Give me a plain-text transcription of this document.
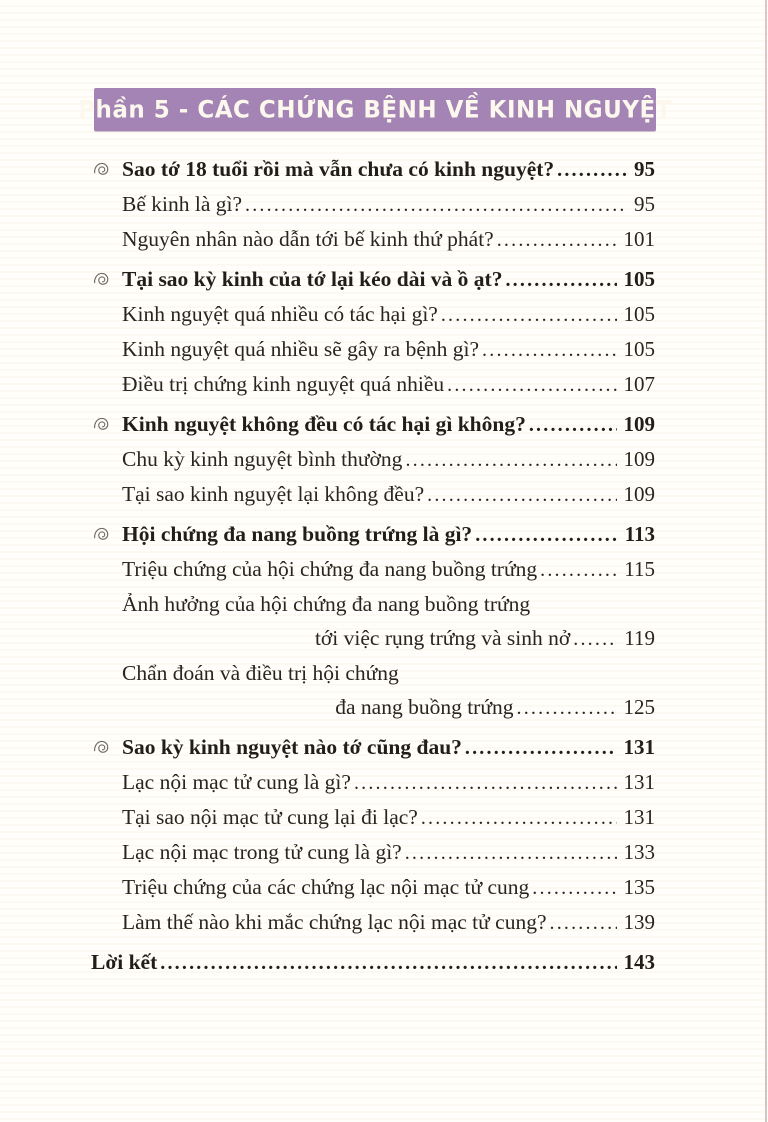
Phần 5 - CÁC CHỨNG BỆNH VỀ KINH NGUYỆT
Sao tớ 18 tuổi rồi mà vẫn chưa có kinh nguyệt? .....	95
Bế kinh là gì? .....	95
Nguyên nhân nào dẫn tới bế kinh thứ phát? .....	101
Tại sao kỳ kinh của tớ lại kéo dài và ồ ạt? .....	105
Kinh nguyệt quá nhiều có tác hại gì? .....	105
Kinh nguyệt quá nhiều sẽ gây ra bệnh gì? .....	105
Điều trị chứng kinh nguyệt quá nhiều .....	107
Kinh nguyệt không đều có tác hại gì không? .....	109
Chu kỳ kinh nguyệt bình thường .....	109
Tại sao kinh nguyệt lại không đều? .....	109
Hội chứng đa nang buồng trứng là gì? .....	113
Triệu chứng của hội chứng đa nang buồng trứng .....	115
Ảnh hưởng của hội chứng đa nang buồng trứng
tới việc rụng trứng và sinh nở .....	119
Chẩn đoán và điều trị hội chứng
đa nang buồng trứng .....	125
Sao kỳ kinh nguyệt nào tớ cũng đau? .....	131
Lạc nội mạc tử cung là gì? .....	131
Tại sao nội mạc tử cung lại đi lạc? .....	131
Lạc nội mạc trong tử cung là gì? .....	133
Triệu chứng của các chứng lạc nội mạc tử cung .....	135
Làm thế nào khi mắc chứng lạc nội mạc tử cung? .....	139
Lời kết .....	143
